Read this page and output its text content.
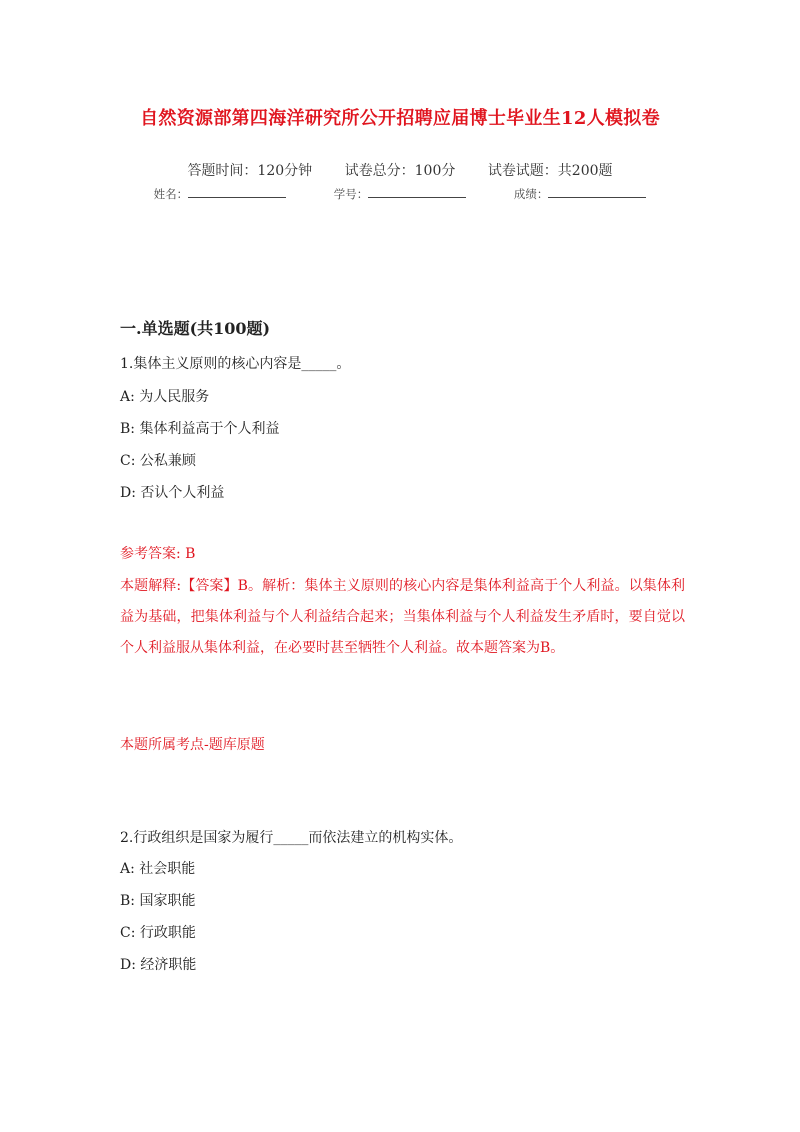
自然资源部第四海洋研究所公开招聘应届博士毕业生12人模拟卷
答题时间：120分钟 试卷总分：100分 试卷试题：共200题
姓名：	学号：	成绩：
一.单选题(共100题)
1.集体主义原则的核心内容是_____。
A: 为人民服务
B: 集体利益高于个人利益
C: 公私兼顾
D: 否认个人利益
参考答案: B
本题解释:【答案】B。解析：集体主义原则的核心内容是集体利益高于个人利益。以集体利益为基础，把集体利益与个人利益结合起来；当集体利益与个人利益发生矛盾时，要自觉以个人利益服从集体利益，在必要时甚至牺牲个人利益。故本题答案为B。
本题所属考点-题库原题
2.行政组织是国家为履行_____而依法建立的机构实体。
A: 社会职能
B: 国家职能
C: 行政职能
D: 经济职能
